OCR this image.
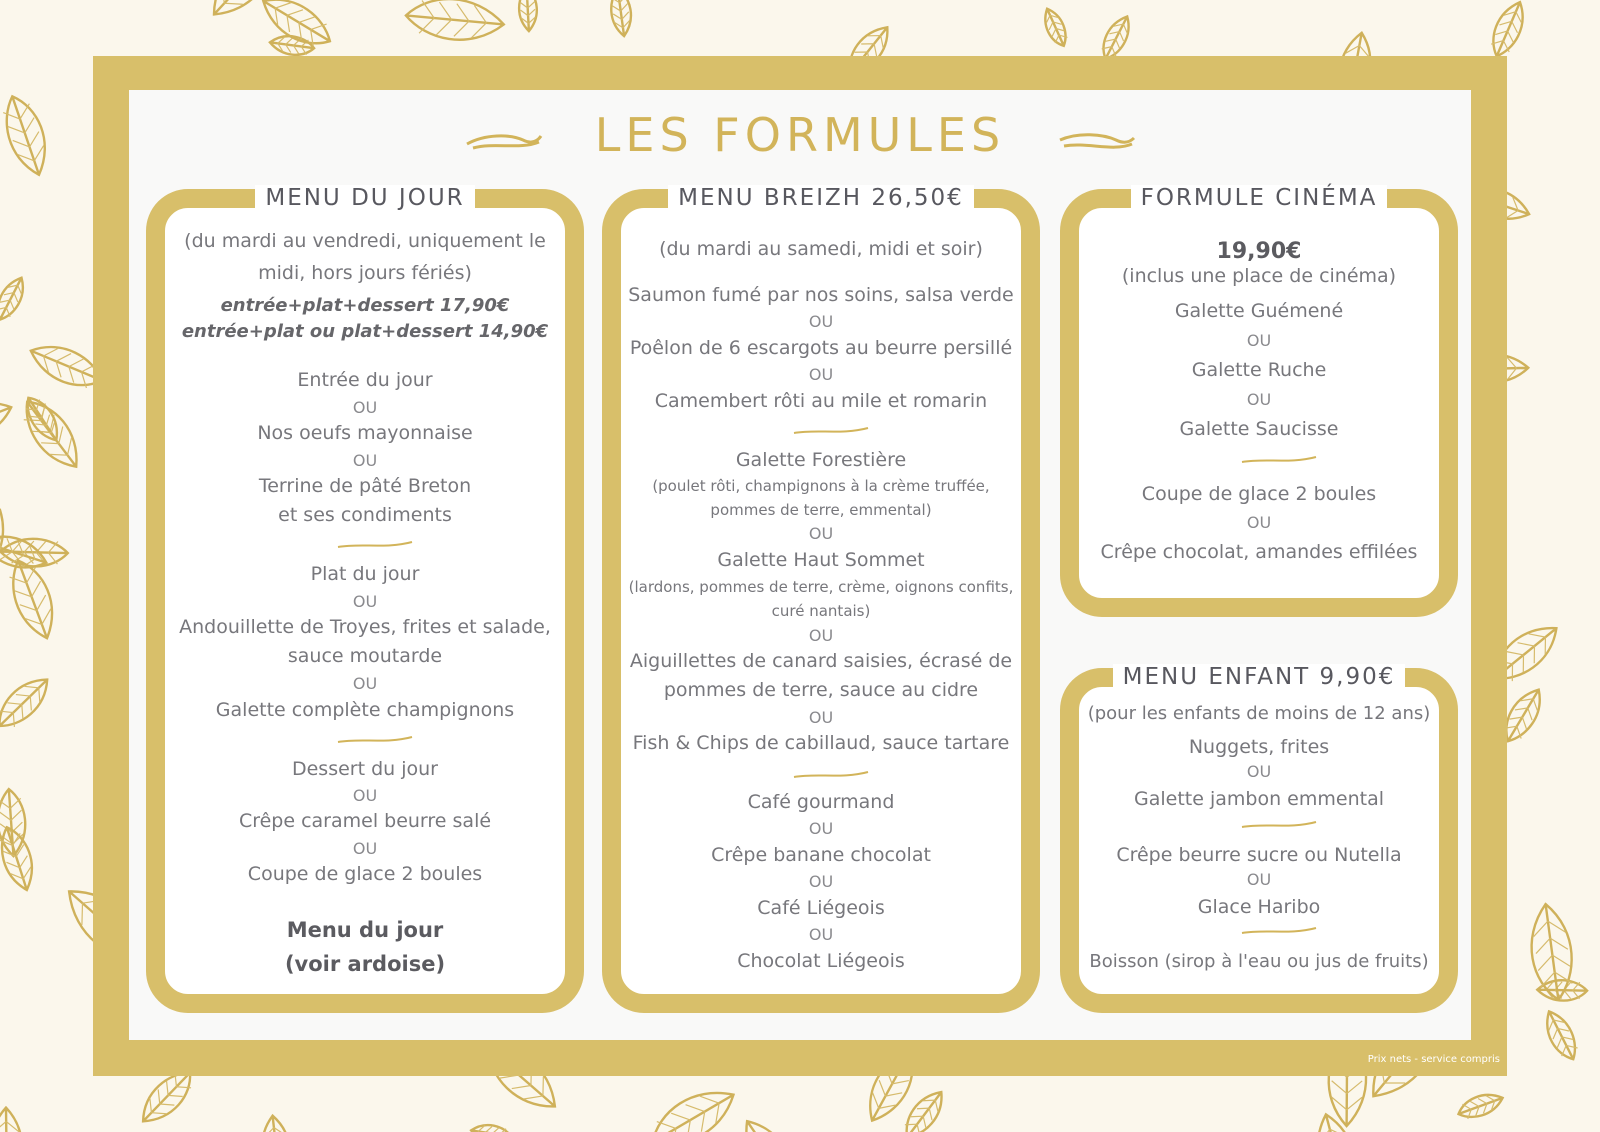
LES FORMULES
MENU DU JOUR
(du mardi au vendredi, uniquement le
midi, hors jours fériés)
entrée+plat+dessert 17,90€
entrée+plat ou plat+dessert 14,90€
Entrée du jour
OU
Nos oeufs mayonnaise
OU
Terrine de pâté Breton
et ses condiments
Plat du jour
OU
Andouillette de Troyes, frites et salade,
sauce moutarde
OU
Galette complète champignons
Dessert du jour
OU
Crêpe caramel beurre salé
OU
Coupe de glace 2 boules
Menu du jour
(voir ardoise)
MENU BREIZH 26,50€
(du mardi au samedi, midi et soir)
Saumon fumé par nos soins, salsa verde
OU
Poêlon de 6 escargots au beurre persillé
OU
Camembert rôti au mile et romarin
Galette Forestière
(poulet rôti, champignons à la crème truffée,
pommes de terre, emmental)
OU
Galette Haut Sommet
(lardons, pommes de terre, crème, oignons confits,
curé nantais)
OU
Aiguillettes de canard saisies, écrasé de
pommes de terre, sauce au cidre
OU
Fish & Chips de cabillaud, sauce tartare
Café gourmand
OU
Crêpe banane chocolat
OU
Café Liégeois
OU
Chocolat Liégeois
FORMULE CINÉMA
19,90€
(inclus une place de cinéma)
Galette Guémené
OU
Galette Ruche
OU
Galette Saucisse
Coupe de glace 2 boules
OU
Crêpe chocolat, amandes effilées
MENU ENFANT 9,90€
(pour les enfants de moins de 12 ans)
Nuggets, frites
OU
Galette jambon emmental
Crêpe beurre sucre ou Nutella
OU
Glace Haribo
Boisson (sirop à l'eau ou jus de fruits)
Prix nets - service compris
